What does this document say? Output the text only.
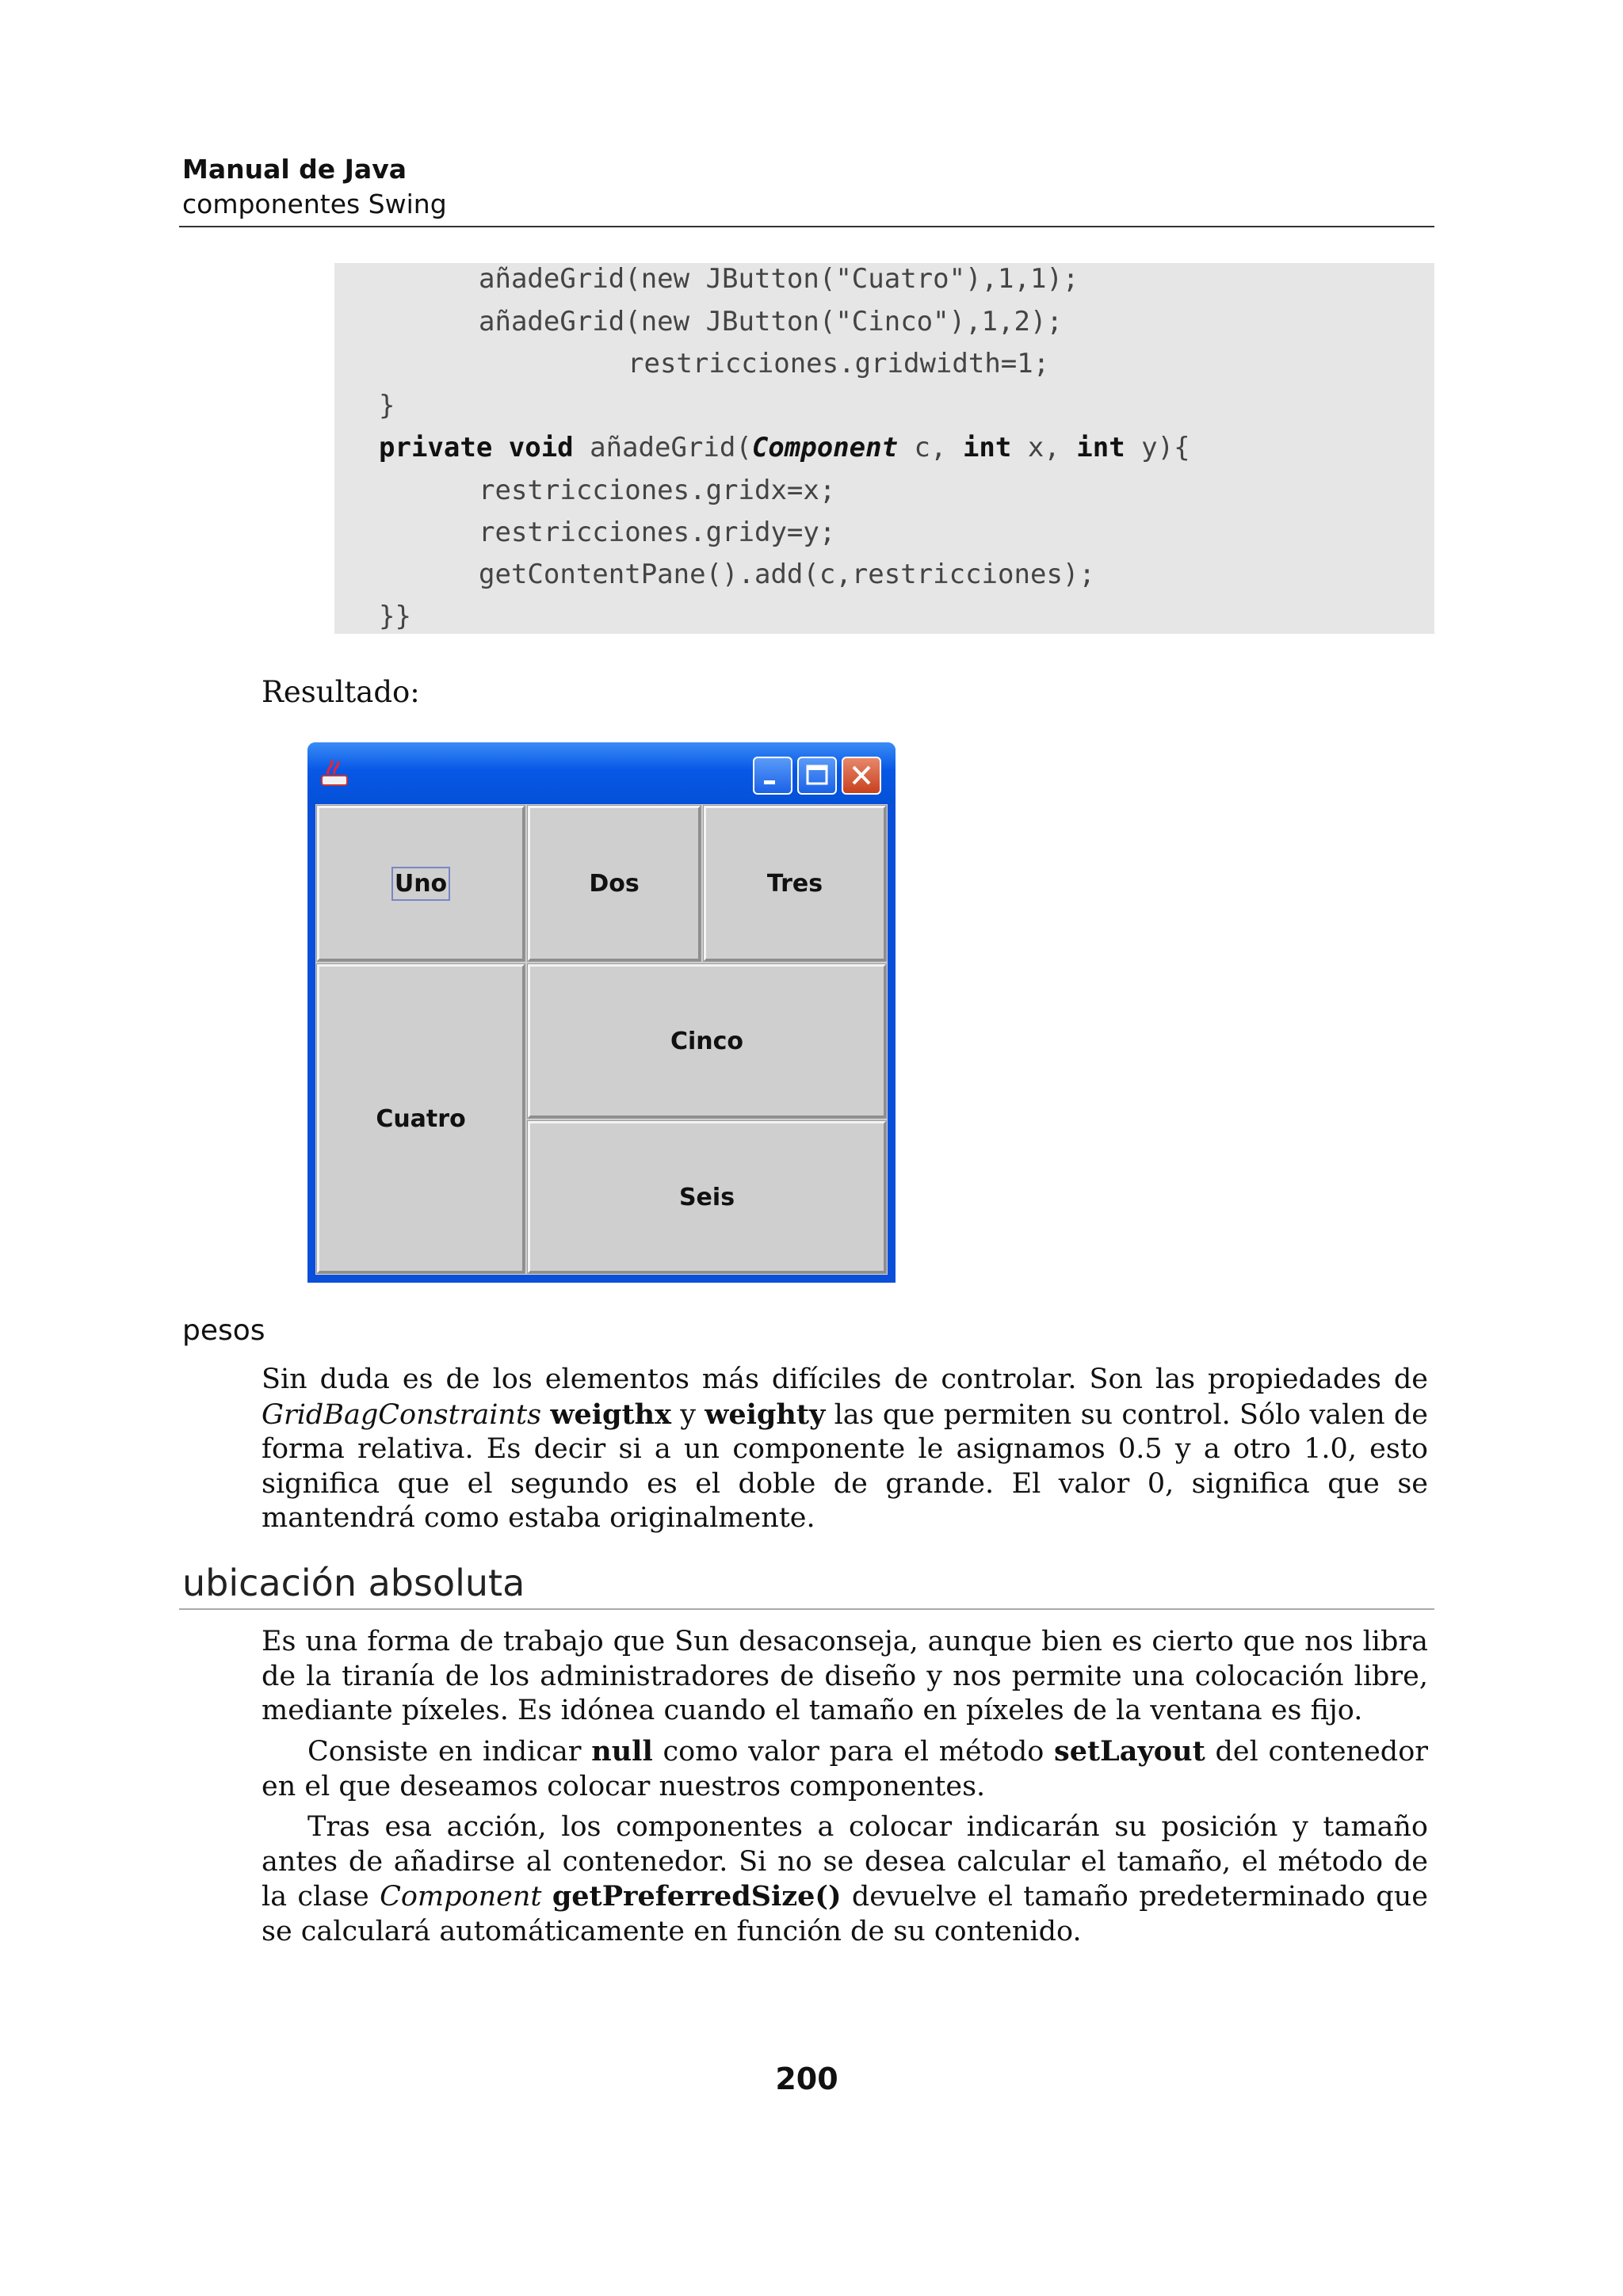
Manual de Java
componentes Swing
añadeGrid(new JButton("Cuatro"),1,1);
añadeGrid(new JButton("Cinco"),1,2);
restricciones.gridwidth=1;
}
private void añadeGrid(Component c, int x, int y){
restricciones.gridx=x;
restricciones.gridy=y;
getContentPane().add(c,restricciones);
}}
Resultado:
Uno	Dos	Tres
Cuatro
Cinco
Seis
pesos
Sin duda es de los elementos más difíciles de controlar. Son las propiedades de GridBagConstraints weigthx y weighty las que permiten su control. Sólo valen de forma relativa. Es decir si a un componente le asignamos 0.5 y a otro 1.0, esto significa que el segundo es el doble de grande. El valor 0, significa que se mantendrá como estaba originalmente.
ubicación absoluta
Es una forma de trabajo que Sun desaconseja, aunque bien es cierto que nos libra de la tiranía de los administradores de diseño y nos permite una colocación libre, mediante píxeles. Es idónea cuando el tamaño en píxeles de la ventana es fijo.
Consiste en indicar null como valor para el método setLayout del contenedor en el que deseamos colocar nuestros componentes.
Tras esa acción, los componentes a colocar indicarán su posición y tamaño antes de añadirse al contenedor. Si no se desea calcular el tamaño, el método de la clase Component getPreferredSize() devuelve el tamaño predeterminado que se calculará automáticamente en función de su contenido.
200
